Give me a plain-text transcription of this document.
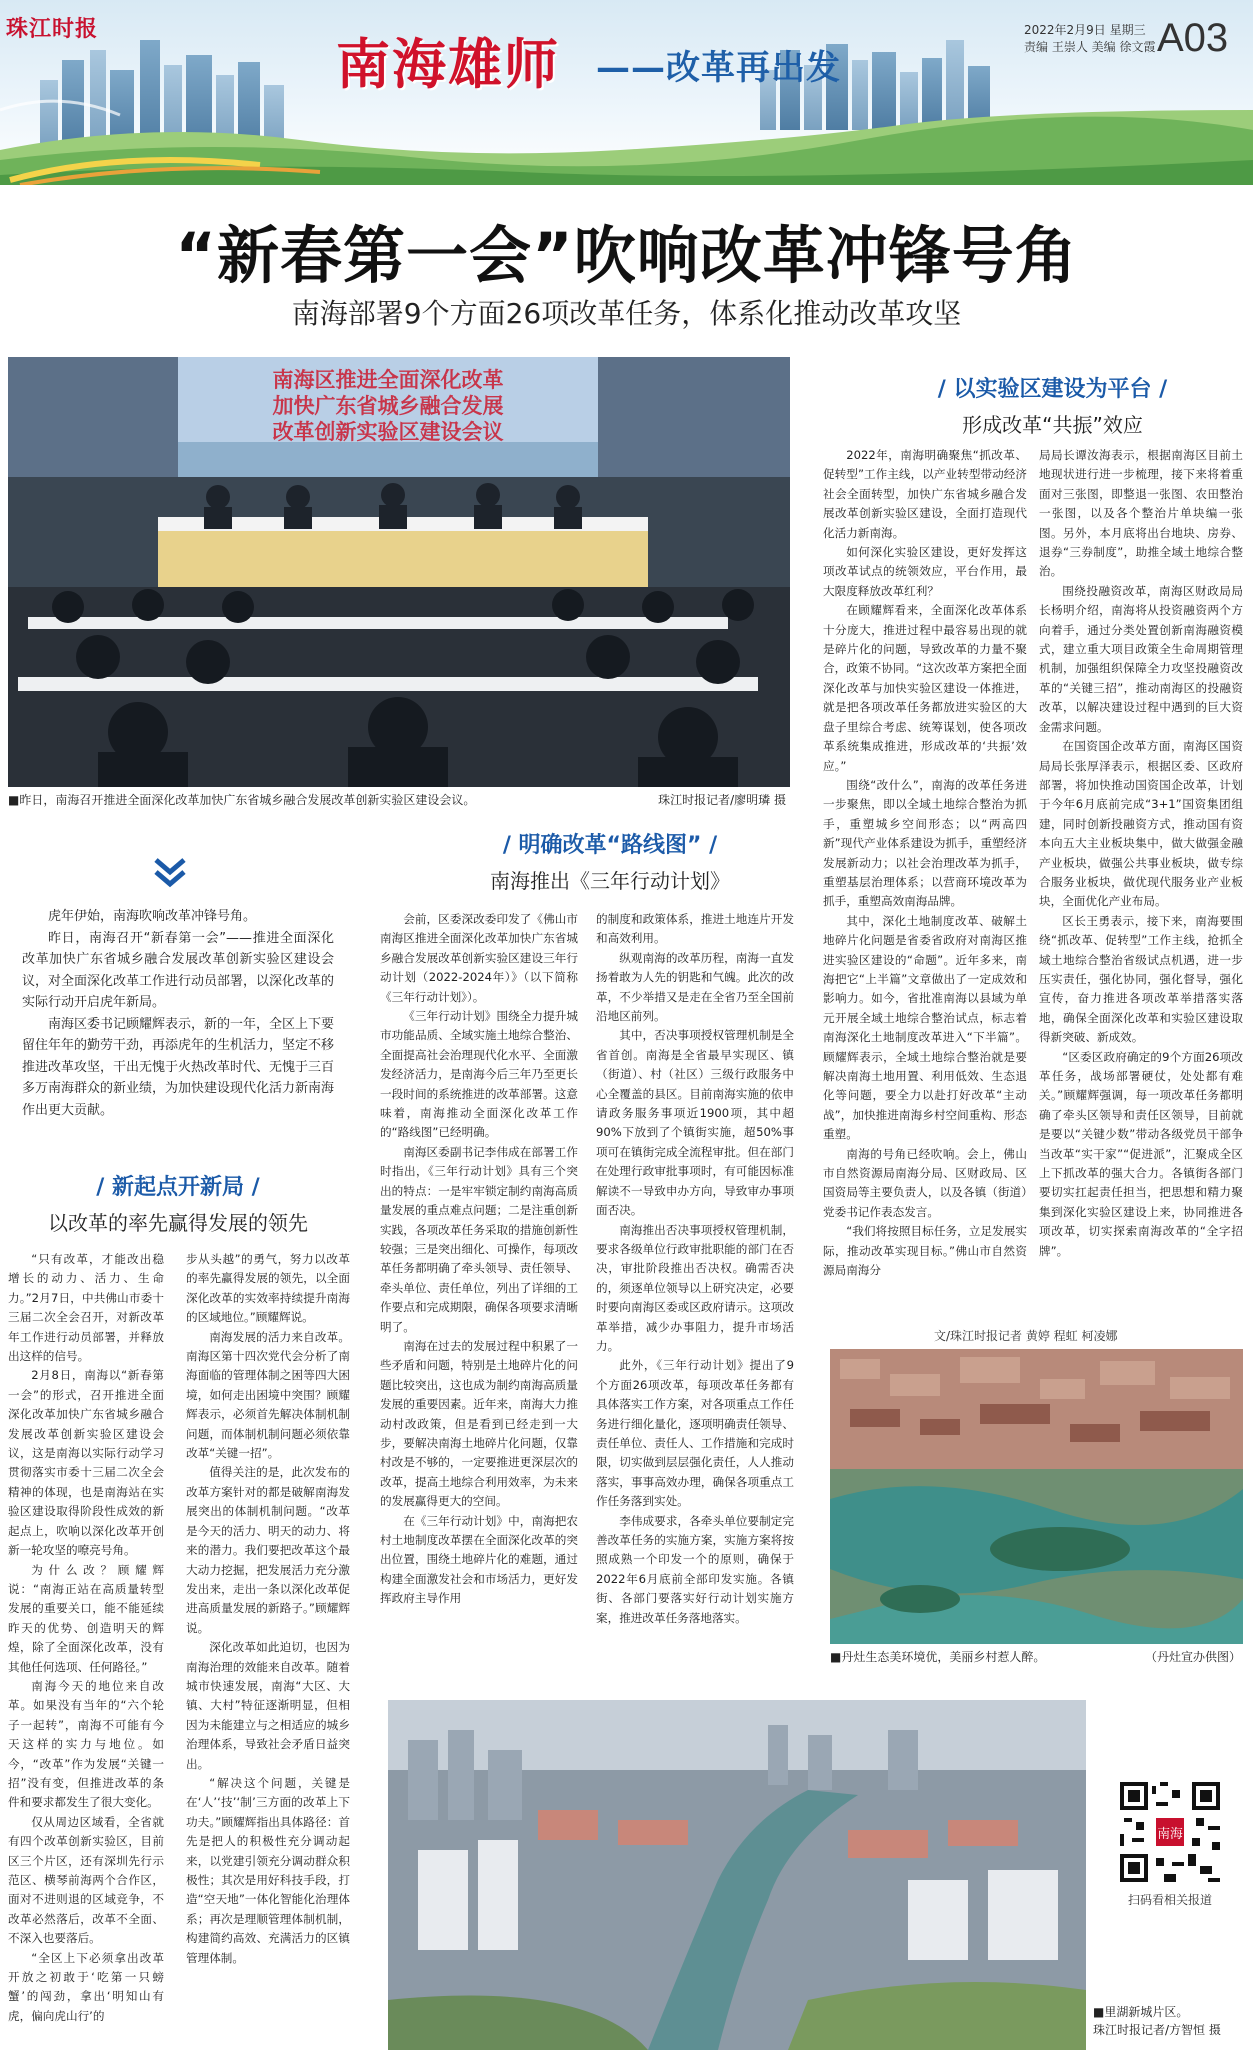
珠江时报
南海雄师 ——改革再出发
2022年2月9日 星期三
责编 王崇人 美编 徐文霞 A03
“新春第一会”吹响改革冲锋号角
南海部署9个方面26项改革任务，体系化推动改革攻坚
南海区推进全面深化改革
加快广东省城乡融合发展
改革创新实验区建设会议
■昨日，南海召开推进全面深化改革加快广东省城乡融合发展改革创新实验区建设会议。	珠江时报记者/廖明璘 摄
/ 以实验区建设为平台 /
形成改革“共振”效应

2022年，南海明确聚焦“抓改革、促转型”工作主线，以产业转型带动经济社会全面转型，加快广东省城乡融合发展改革创新实验区建设，全面打造现代化活力新南海。

如何深化实验区建设，更好发挥这项改革试点的统领效应，平台作用，最大限度释放改革红利？

在顾耀辉看来，全面深化改革体系十分庞大，推进过程中最容易出现的就是碎片化的问题，导致改革的力量不聚合，政策不协同。“这次改革方案把全面深化改革与加快实验区建设一体推进，就是把各项改革任务都放进实验区的大盘子里综合考虑、统筹谋划，使各项改革系统集成推进，形成改革的‘共振’效应。”

围绕“改什么”，南海的改革任务进一步聚焦，即以全域土地综合整治为抓手，重塑城乡空间形态；以“两高四新”现代产业体系建设为抓手，重塑经济发展新动力；以社会治理改革为抓手，重塑基层治理体系；以营商环境改革为抓手，重塑高效南海品牌。

其中，深化土地制度改革、破解土地碎片化问题是省委省政府对南海区推进实验区建设的“命题”。近年多来，南海把它“上半篇”文章做出了一定成效和影响力。如今，省批准南海以县域为单元开展全域土地综合整治试点，标志着南海深化土地制度改革进入“下半篇”。顾耀辉表示，全域土地综合整治就是要解决南海土地用置、利用低效、生态退化等问题，要全力以赴打好改革“主动战”，加快推进南海乡村空间重构、形态重塑。

南海的号角已经吹响。会上，佛山市自然资源局南海分局、区财政局、区国资局等主要负责人，以及各镇（街道）党委书记作表态发言。

“我们将按照目标任务，立足发展实际，推动改革实现目标。”佛山市自然资源局南海分

局局长谭汝海表示，根据南海区目前土地现状进行进一步梳理，接下来将着重面对三张图，即整退一张图、农田整治一张图，以及各个整治片单块编一张图。另外，本月底将出台地块、房券、退券“三券制度”，助推全域土地综合整治。

围绕投融资改革，南海区财政局局长杨明介绍，南海将从投资融资两个方向着手，通过分类处置创新南海融资模式，建立重大项目政策全生命周期管理机制，加强组织保障全力攻坚投融资改革的“关键三招”，推动南海区的投融资改革，以解决建设过程中遇到的巨大资金需求问题。

在国资国企改革方面，南海区国资局局长张厚泽表示，根据区委、区政府部署，将加快推动国资国企改革，计划于今年6月底前完成“3+1”国资集团组建，同时创新投融资方式，推动国有资本向五大主业板块集中，做大做强金融产业板块，做强公共事业板块，做专综合服务业板块，做优现代服务业产业板块，全面优化产业布局。

区长王勇表示，接下来，南海要围绕“抓改革、促转型”工作主线，抢抓全域土地综合整治省级试点机遇，进一步压实责任，强化协同，强化督导，强化宣传，奋力推进各项改革举措落实落地，确保全面深化改革和实验区建设取得新突破、新成效。

“区委区政府确定的9个方面26项改革任务，战场部署硬仗，处处都有难关。”顾耀辉强调，每一项改革任务都明确了牵头区领导和责任区领导，目前就是要以“关键少数”带动各级党员干部争当改革“实干家”“促进派”，汇聚成全区上下抓改革的强大合力。各镇街各部门要切实扛起责任担当，把思想和精力聚集到深化实验区建设上来，协同推进各项改革，切实探索南海改革的“全字招牌”。

文/珠江时报记者 黄婷 程虹 柯凌娜
/ 明确改革“路线图” /
南海推出《三年行动计划》

虎年伊始，南海吹响改革冲锋号角。

昨日，南海召开“新春第一会”——推进全面深化改革加快广东省城乡融合发展改革创新实验区建设会议，对全面深化改革工作进行动员部署，以深化改革的实际行动开启虎年新局。

南海区委书记顾耀辉表示，新的一年，全区上下要留住年年的勤劳干劲，再添虎年的生机活力，坚定不移推进改革攻坚，干出无愧于火热改革时代、无愧于三百多万南海群众的新业绩，为加快建设现代化活力新南海作出更大贡献。

/ 新起点开新局 /
以改革的率先赢得发展的领先

“只有改革，才能改出稳增长的动力、活力、生命力。”2月7日，中共佛山市委十三届二次全会召开，对新改革年工作进行动员部署，并释放出这样的信号。

2月8日，南海以“新春第一会”的形式，召开推进全面深化改革加快广东省城乡融合发展改革创新实验区建设会议，这是南海以实际行动学习贯彻落实市委十三届二次全会精神的体现，也是南海站在实验区建设取得阶段性成效的新起点上，吹响以深化改革开创新一轮攻坚的嘹亮号角。

为什么改？顾耀辉说：“南海正站在高质量转型发展的重要关口，能不能延续昨天的优势、创造明天的辉煌，除了全面深化改革，没有其他任何选项、任何路径。”

南海今天的地位来自改革。如果没有当年的“六个轮子一起转”，南海不可能有今天这样的实力与地位。如今，“改革”作为发展“关键一招”没有变，但推进改革的条件和要求都发生了很大变化。

仅从周边区域看，全省就有四个改革创新实验区，目前区三个片区，还有深圳先行示范区、横琴前海两个合作区，面对不进则退的区域竞争，不改革必然落后，改革不全面、不深入也要落后。

“全区上下必须拿出改革开放之初敢于‘吃第一只螃蟹’的闯劲，拿出‘明知山有虎，偏向虎山行’的

步从头越”的勇气，努力以改革的率先赢得发展的领先，以全面深化改革的实效率持续提升南海的区域地位。”顾耀辉说。

南海发展的活力来自改革。南海区第十四次党代会分析了南海面临的管理体制之困等四大困境，如何走出困境中突围？顾耀辉表示，必须首先解决体制机制问题，而体制机制问题必须依靠改革“关键一招”。

值得关注的是，此次发布的改革方案针对的都是破解南海发展突出的体制机制问题。“改革是今天的活力、明天的动力、将来的潜力。我们要把改革这个最大动力挖掘，把发展活力充分激发出来，走出一条以深化改革促进高质量发展的新路子。”顾耀辉说。

深化改革如此迫切，也因为南海治理的效能来自改革。随着城市快速发展，南海“大区、大镇、大村”特征逐渐明显，但相因为未能建立与之相适应的城乡治理体系，导致社会矛盾日益突出。

“解决这个问题，关键是在‘人’‘技’‘制’三方面的改革上下功夫。”顾耀辉指出具体路径：首先是把人的积极性充分调动起来，以党建引领充分调动群众积极性；其次是用好科技手段，打造“空天地”一体化智能化治理体系；再次是理顺管理体制机制，构建简约高效、充满活力的区镇管理体制。

会前，区委深改委印发了《佛山市南海区推进全面深化改革加快广东省城乡融合发展改革创新实验区建设三年行动计划（2022-2024年）》（以下简称《三年行动计划》）。

《三年行动计划》围绕全力提升城市功能品质、全域实施土地综合整治、全面提高社会治理现代化水平、全面激发经济活力，是南海今后三年乃至更长一段时间的系统推进的改革部署。这意味着，南海推动全面深化改革工作的“路线图”已经明确。

南海区委副书记李伟成在部署工作时指出，《三年行动计划》具有三个突出的特点：一是牢牢锁定制约南海高质量发展的重点难点问题；二是注重创新实践，各项改革任务采取的措施创新性较强；三是突出细化、可操作，每项改革任务都明确了牵头领导、责任领导、牵头单位、责任单位，列出了详细的工作要点和完成期限，确保各项要求清晰明了。

南海在过去的发展过程中积累了一些矛盾和问题，特别是土地碎片化的问题比较突出，这也成为制约南海高质量发展的重要因素。近年来，南海大力推动村改政策，但是看到已经走到一大步，要解决南海土地碎片化问题，仅靠村改是不够的，一定要推进更深层次的改革，提高土地综合利用效率，为未来的发展赢得更大的空间。

在《三年行动计划》中，南海把农村土地制度改革摆在全面深化改革的突出位置，围绕土地碎片化的难题，通过构建全面激发社会和市场活力，更好发挥政府主导作用

的制度和政策体系，推进土地连片开发和高效利用。

纵观南海的改革历程，南海一直发扬着敢为人先的钥匙和气魄。此次的改革，不少举措又是走在全省乃至全国前沿地区前列。

其中，否决事项授权管理机制是全省首创。南海是全省最早实现区、镇（街道）、村（社区）三级行政服务中心全覆盖的县区。目前南海实施的依申请政务服务事项近1900项，其中超90%下放到了个镇街实施，超50%事项可在镇街完成全流程审批。但在部门在处理行政审批事项时，有可能因标准解读不一导致申办方向，导致审办事项面否决。

南海推出否决事项授权管理机制，要求各级单位行政审批职能的部门在否决，审批阶段推出否决权。确需否决的，须逐单位领导以上研究决定，必要时要向南海区委或区政府请示。这项改革举措，减少办事阻力，提升市场活力。

此外，《三年行动计划》提出了9个方面26项改革，每项改革任务都有具体落实工作方案，对各项重点工作任务进行细化量化，逐项明确责任领导、责任单位、责任人、工作措施和完成时限，切实做到层层强化责任，人人推动落实，事事高效办理，确保各项重点工作任务落到实处。

李伟成要求，各牵头单位要制定完善改革任务的实施方案，实施方案将按照成熟一个印发一个的原则，确保于2022年6月底前全部印发实施。各镇街、各部门要落实好行动计划实施方案，推进改革任务落地落实。

■丹灶生态美环境优，美丽乡村惹人醉。	（丹灶宣办供图）
南海
扫码看相关报道
■里湖新城片区。
珠江时报记者/方智恒 摄
